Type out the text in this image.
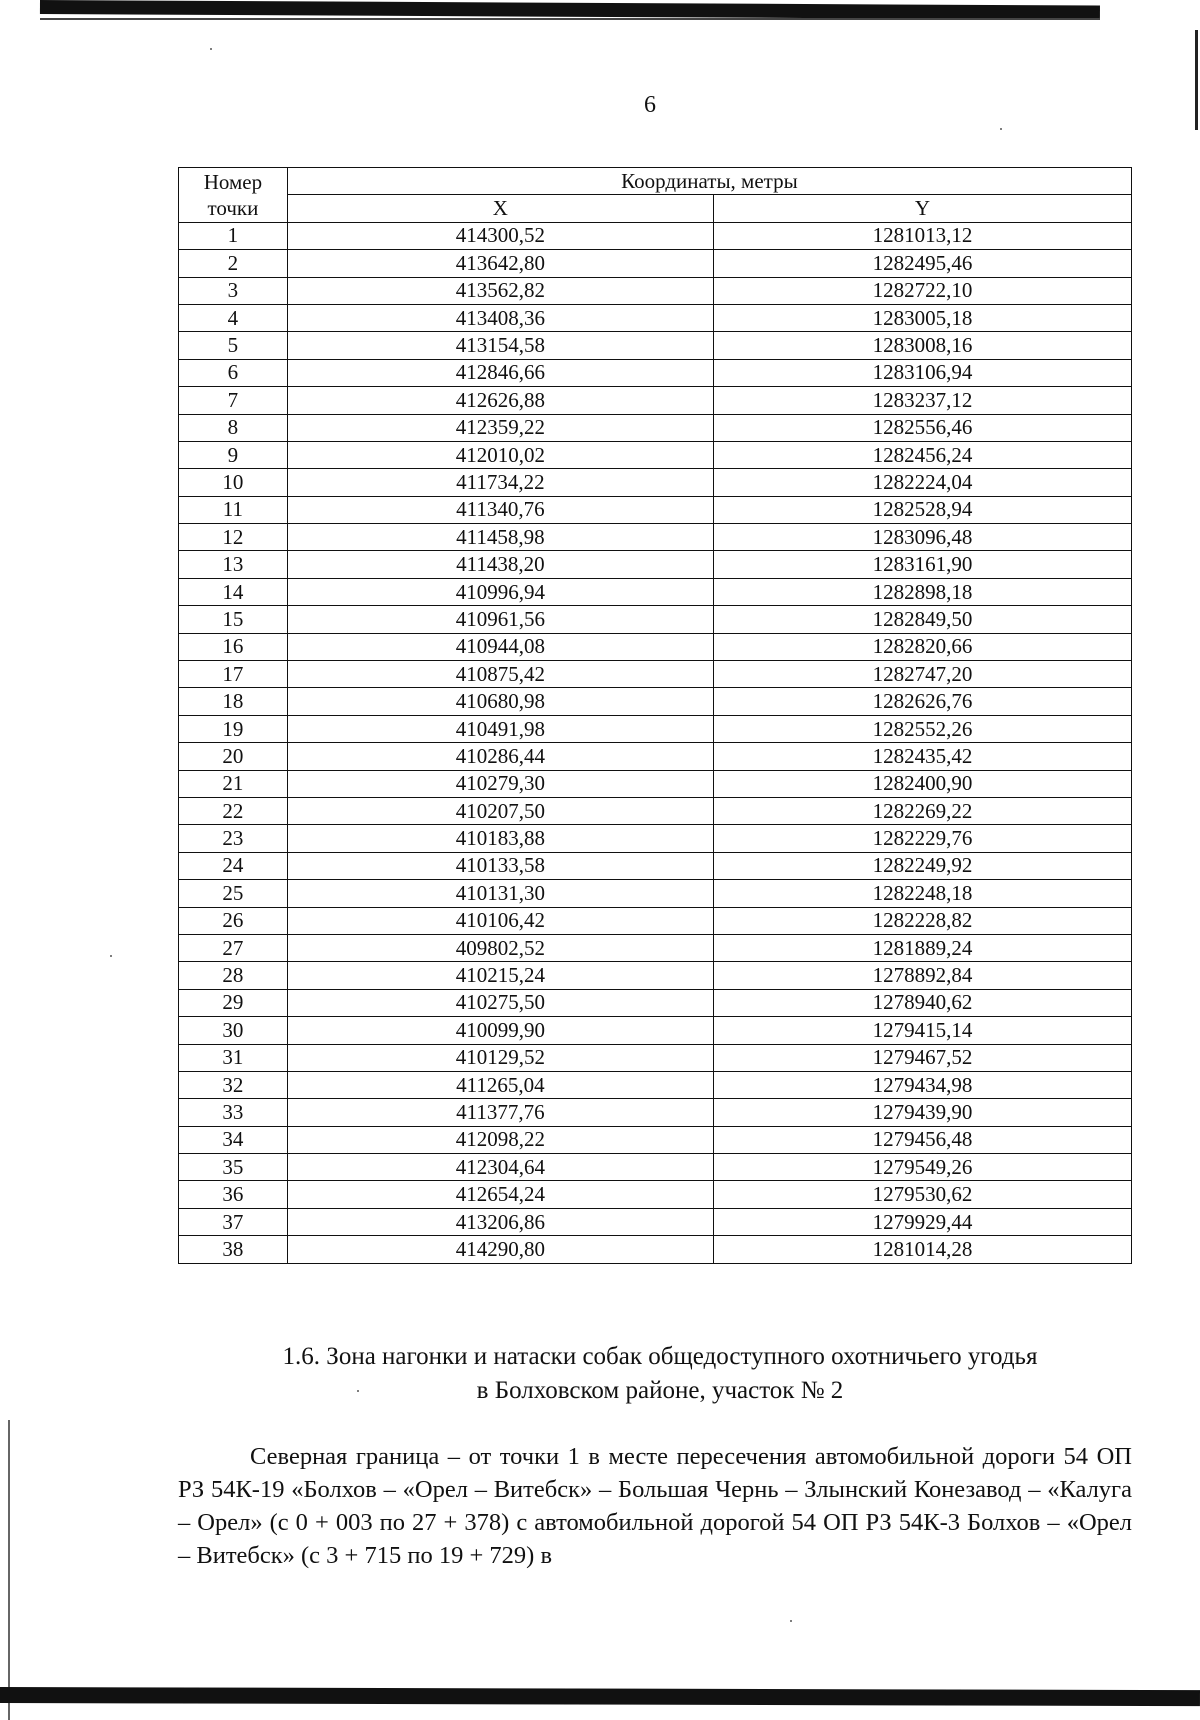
6
Номер точки	Координаты, метры	
	X	Y
1	414300,52	1281013,12
2	413642,80	1282495,46
3	413562,82	1282722,10
4	413408,36	1283005,18
5	413154,58	1283008,16
6	412846,66	1283106,94
7	412626,88	1283237,12
8	412359,22	1282556,46
9	412010,02	1282456,24
10	411734,22	1282224,04
11	411340,76	1282528,94
12	411458,98	1283096,48
13	411438,20	1283161,90
14	410996,94	1282898,18
15	410961,56	1282849,50
16	410944,08	1282820,66
17	410875,42	1282747,20
18	410680,98	1282626,76
19	410491,98	1282552,26
20	410286,44	1282435,42
21	410279,30	1282400,90
22	410207,50	1282269,22
23	410183,88	1282229,76
24	410133,58	1282249,92
25	410131,30	1282248,18
26	410106,42	1282228,82
27	409802,52	1281889,24
28	410215,24	1278892,84
29	410275,50	1278940,62
30	410099,90	1279415,14
31	410129,52	1279467,52
32	411265,04	1279434,98
33	411377,76	1279439,90
34	412098,22	1279456,48
35	412304,64	1279549,26
36	412654,24	1279530,62
37	413206,86	1279929,44
38	414290,80	1281014,28
1.6. Зона нагонки и натаски собак общедоступного охотничьего угодья
в Болховском районе, участок № 2
Северная граница – от точки 1 в месте пересечения автомобильной дороги 54 ОП РЗ 54К-19 «Болхов – «Орел – Витебск» – Большая Чернь – Злынский Конезавод – «Калуга – Орел» (с 0 + 003 по 27 + 378) с автомобильной дорогой 54 ОП РЗ 54К-3 Болхов – «Орел – Витебск» (с 3 + 715 по 19 + 729) в
